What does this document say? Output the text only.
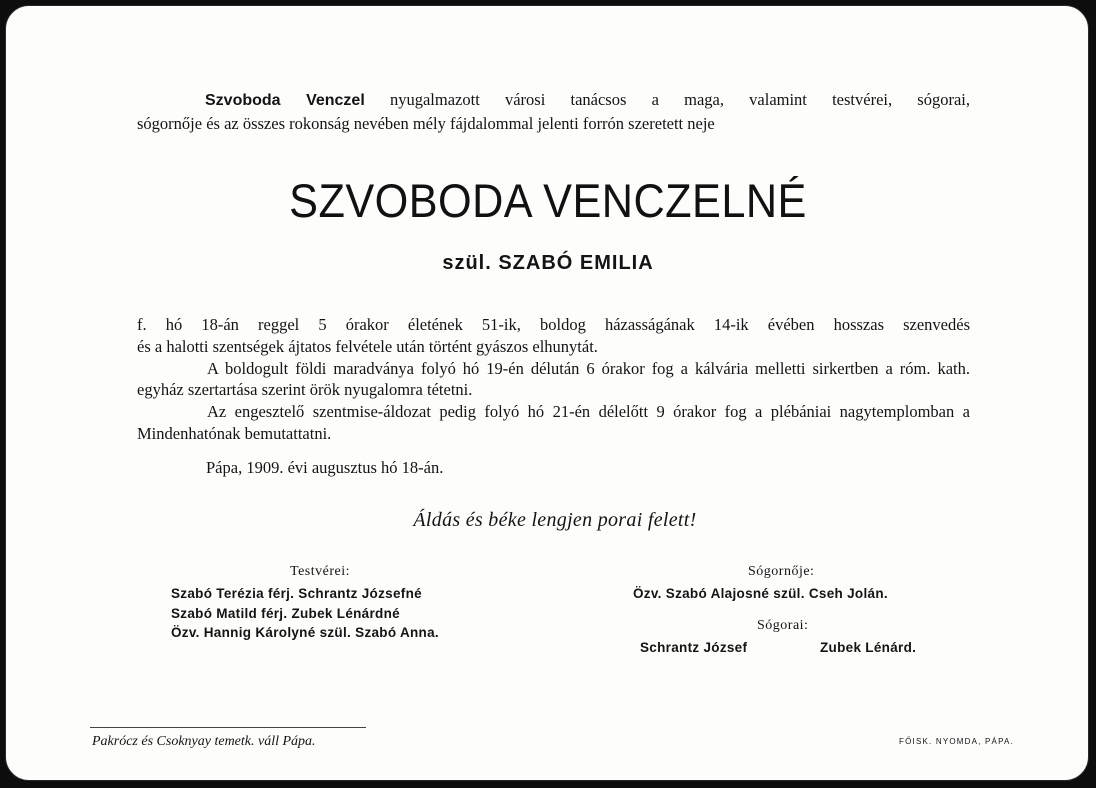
Szvoboda Venczel nyugalmazott városi tanácsos a maga, valamint testvérei, sógorai,
sógornője és az összes rokonság nevében mély fájdalommal jelenti forrón szeretett neje
SZVOBODA VENCZELNÉ
szül. SZABÓ EMILIA

f. hó 18-án reggel 5 órakor életének 51-ik, boldog házasságának 14-ik évében hosszas szenvedés
és a halotti szentségek ájtatos felvétele után történt gyászos elhunytát.

A boldogult földi maradványa folyó hó 19-én délután 6 órakor fog a kálvária melletti sirkertben a róm. kath. egyház szertartása szerint örök nyugalomra tétetni.

Az engesztelő szentmise-áldozat pedig folyó hó 21-én délelőtt 9 órakor fog a plébániai nagytemplomban a Mindenhatónak bemutattatni.

Pápa, 1909. évi augusztus hó 18-án.
Áldás és béke lengjen porai felett!
Testvérei:
Szabó Terézia férj. Schrantz Józsefné
Szabó Matild férj. Zubek Lénárdné
Özv. Hannig Károlyné szül. Szabó Anna.
Sógornője:
Özv. Szabó Alajosné szül. Cseh Jolán.
Sógorai:
Schrantz József	Zubek Lénárd.
Pakrócz és Csoknyay temetk. váll Pápa.	FŐISK. NYOMDA, PÁPA.
